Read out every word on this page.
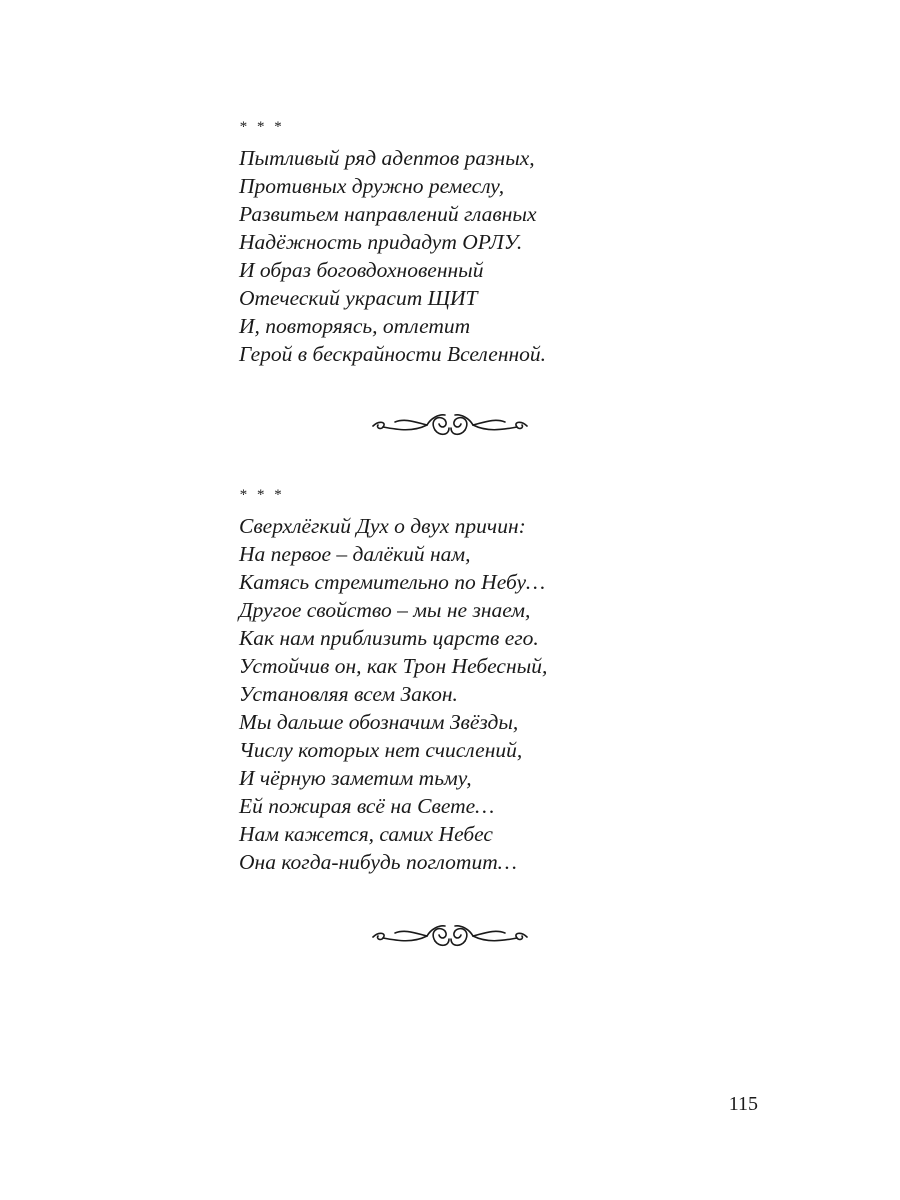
* * *
Пытливый ряд адептов разных,
Противных дружно ремеслу,
Развитьем направлений главных
Надёжность придадут ОРЛУ.
И образ боговдохновенный
Отеческий украсит ЩИТ
И, повторяясь, отлетит
Герой в бескрайности Вселенной.
* * *
Сверхлёгкий Дух о двух причин:
На первое – далёкий нам,
Катясь стремительно по Небу…
Другое свойство – мы не знаем,
Как нам приблизить царств его.
Устойчив он, как Трон Небесный,
Установляя всем Закон.
Мы дальше обозначим Звёзды,
Числу которых нет счислений,
И чёрную заметим тьму,
Ей пожирая всё на Свете…
Нам кажется, самих Небес
Она когда-нибудь поглотит…
115
